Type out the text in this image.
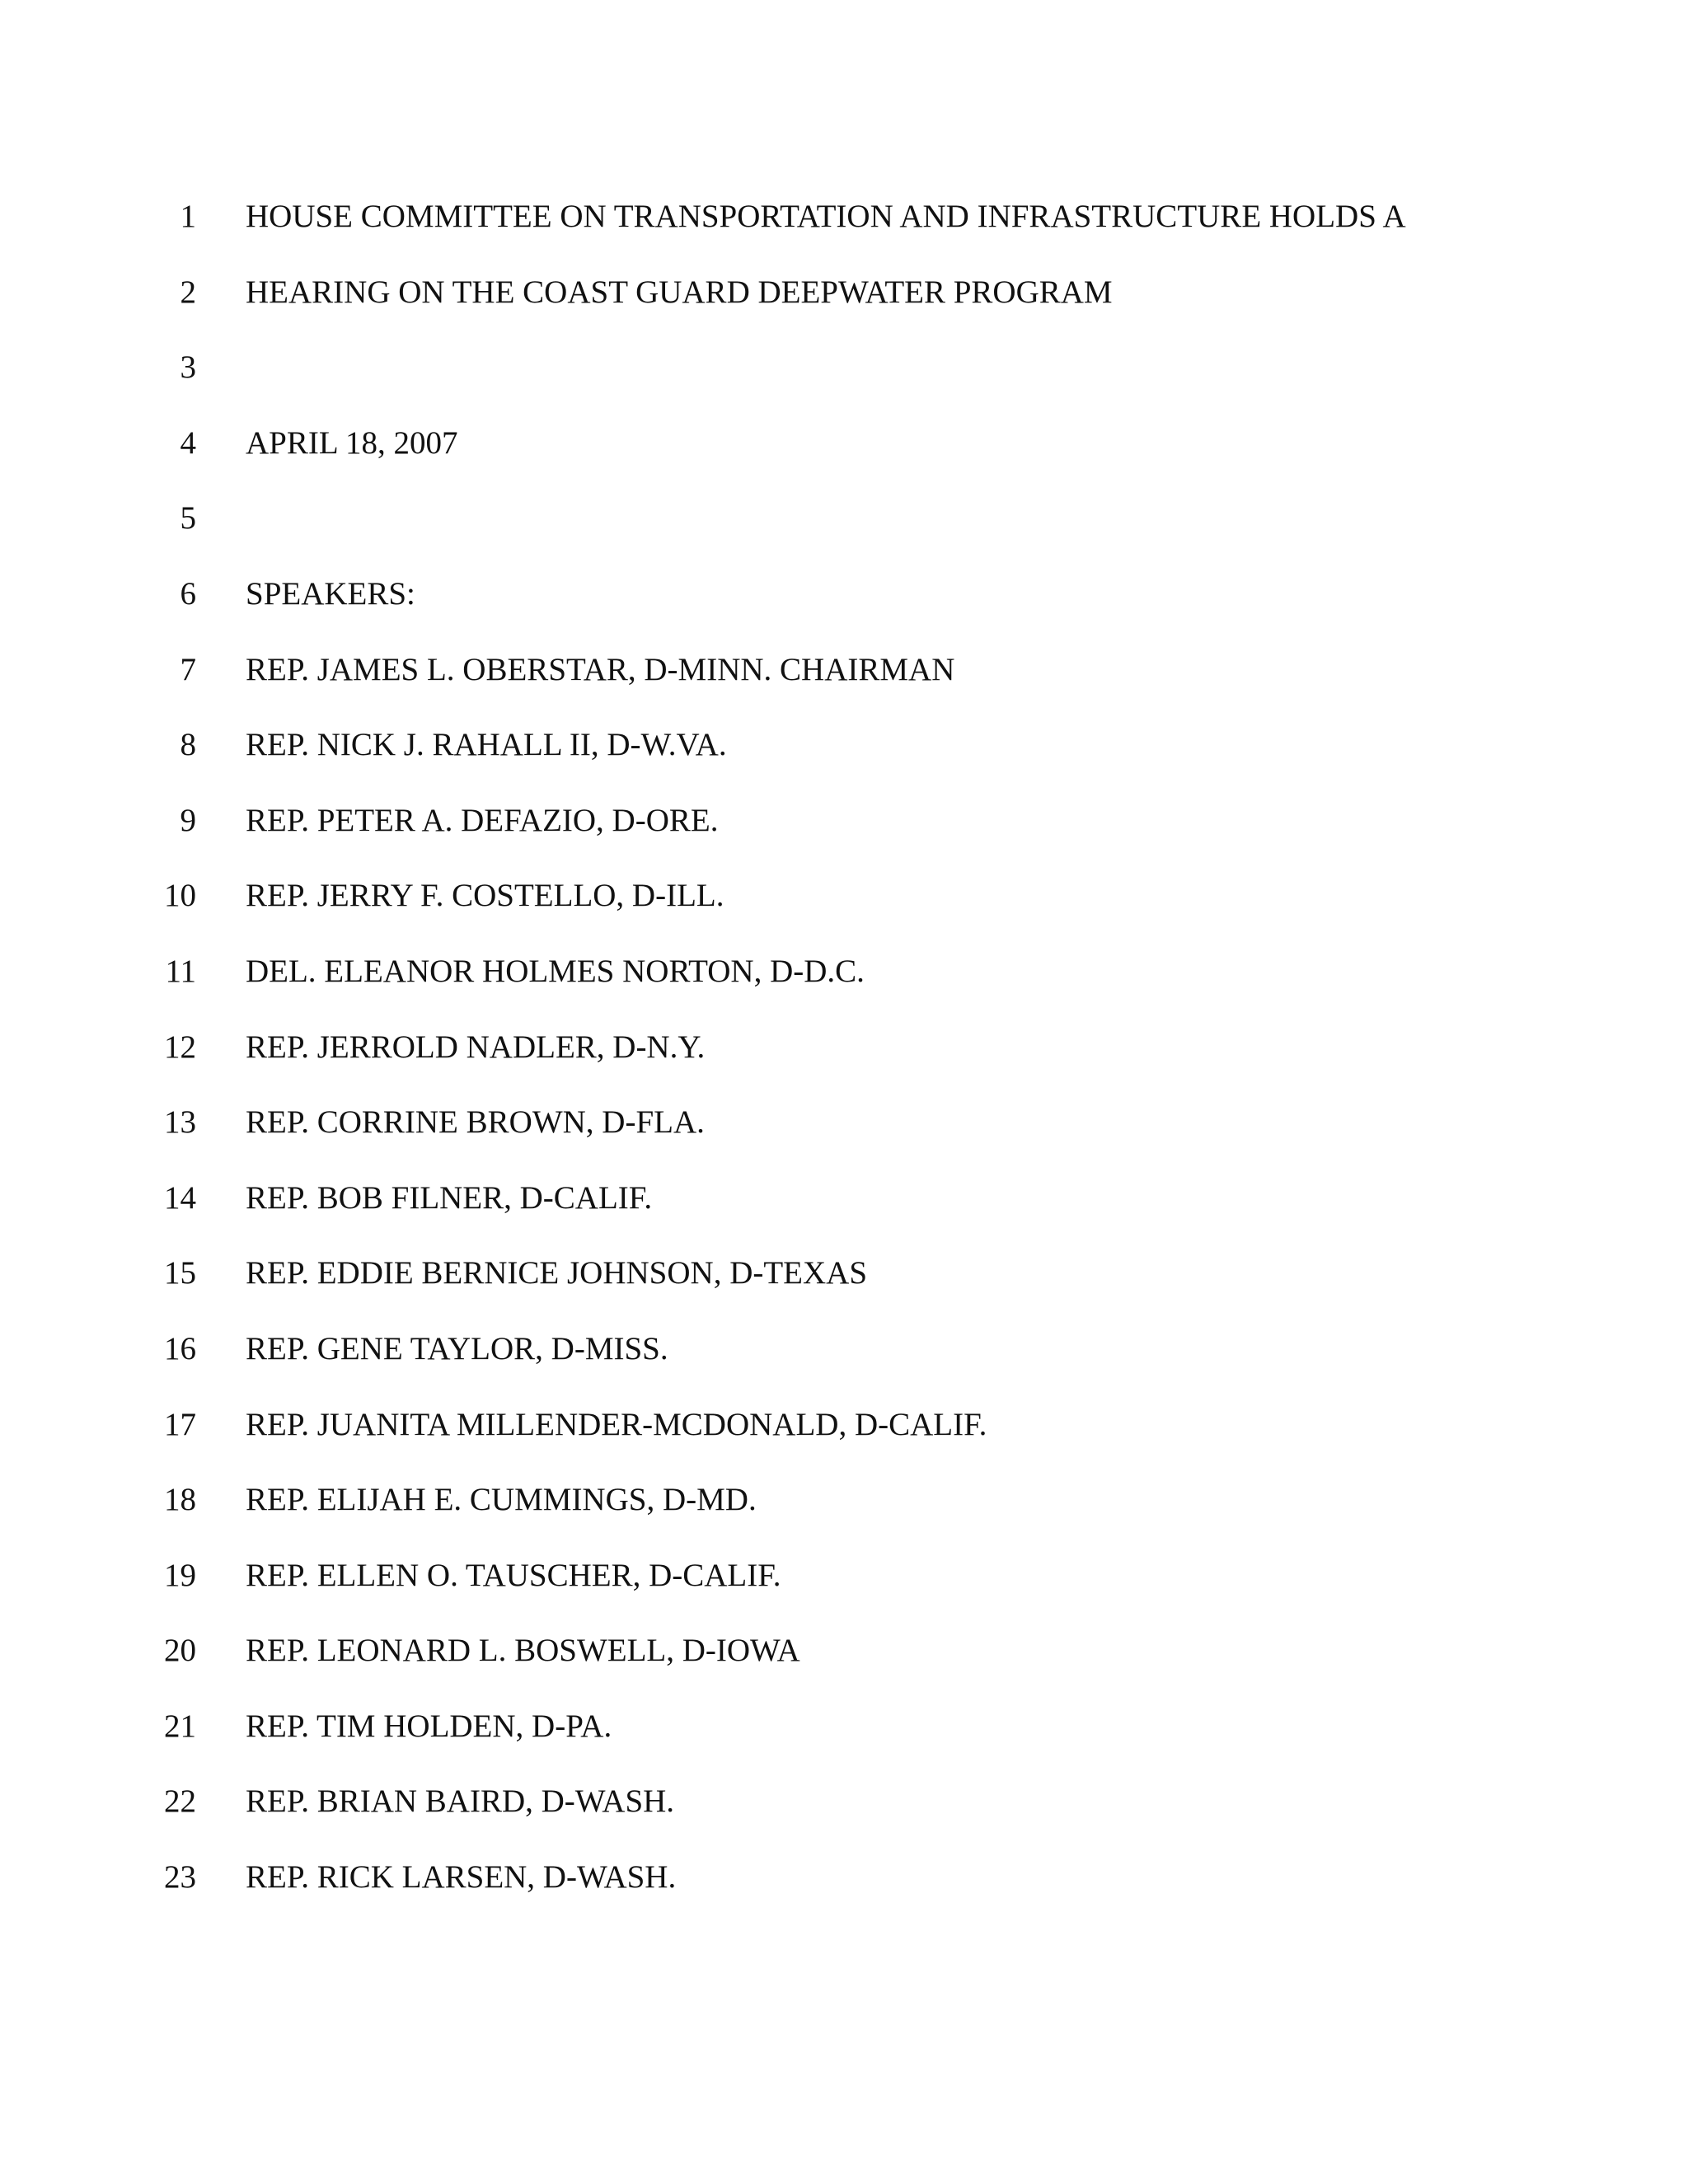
1 HOUSE COMMITTEE ON TRANSPORTATION AND INFRASTRUCTURE HOLDS A
2 HEARING ON THE COAST GUARD DEEPWATER PROGRAM
3
4 APRIL 18, 2007
5
6 SPEAKERS:
7 REP. JAMES L. OBERSTAR, D-MINN. CHAIRMAN
8 REP. NICK J. RAHALL II, D-W.VA.
9 REP. PETER A. DEFAZIO, D-ORE.
10 REP. JERRY F. COSTELLO, D-ILL.
11 DEL. ELEANOR HOLMES NORTON, D-D.C.
12 REP. JERROLD NADLER, D-N.Y.
13 REP. CORRINE BROWN, D-FLA.
14 REP. BOB FILNER, D-CALIF.
15 REP. EDDIE BERNICE JOHNSON, D-TEXAS
16 REP. GENE TAYLOR, D-MISS.
17 REP. JUANITA MILLENDER-MCDONALD, D-CALIF.
18 REP. ELIJAH E. CUMMINGS, D-MD.
19 REP. ELLEN O. TAUSCHER, D-CALIF.
20 REP. LEONARD L. BOSWELL, D-IOWA
21 REP. TIM HOLDEN, D-PA.
22 REP. BRIAN BAIRD, D-WASH.
23 REP. RICK LARSEN, D-WASH.
